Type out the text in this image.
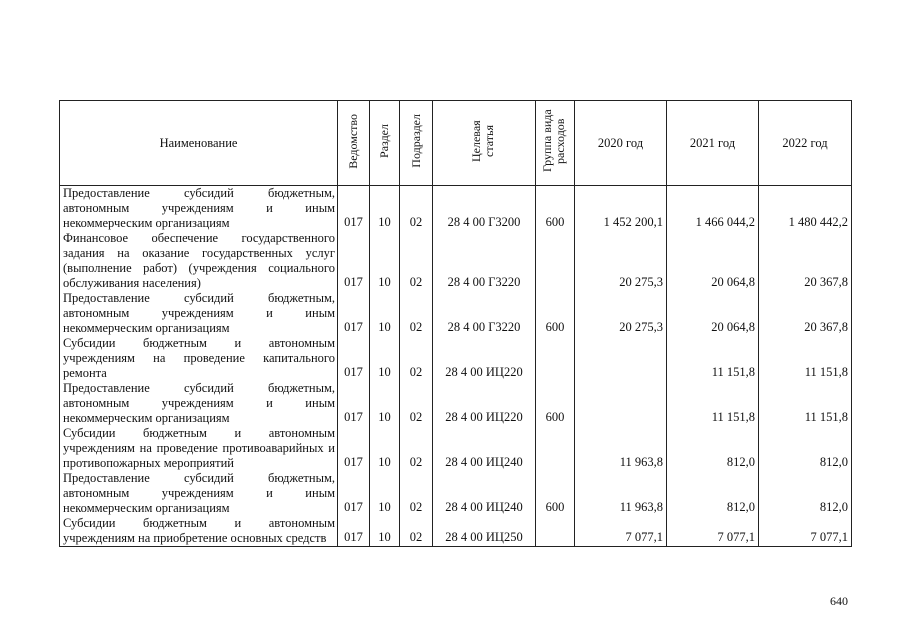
Наименование	Ведомство	Раздел	Подраздел	Целевая статья	Группа вида расходов	2020 год	2021 год	2022 год
Предоставление субсидий бюджетным, автономным учреждениям и иным некоммерческим организациям	017	10	02	28 4 00 Г3200	600	1 452 200,1	1 466 044,2	1 480 442,2
Финансовое обеспечение государственного задания на оказание государственных услуг (выполнение работ) (учреждения социального обслуживания населения)	017	10	02	28 4 00 Г3220		20 275,3	20 064,8	20 367,8
Предоставление субсидий бюджетным, автономным учреждениям и иным некоммерческим организациям	017	10	02	28 4 00 Г3220	600	20 275,3	20 064,8	20 367,8
Субсидии бюджетным и автономным учреждениям на проведение капитального ремонта	017	10	02	28 4 00 ИЦ220			11 151,8	11 151,8
Предоставление субсидий бюджетным, автономным учреждениям и иным некоммерческим организациям	017	10	02	28 4 00 ИЦ220	600		11 151,8	11 151,8
Субсидии бюджетным и автономным учреждениям на проведение противоаварийных и противопожарных мероприятий	017	10	02	28 4 00 ИЦ240		11 963,8	812,0	812,0
Предоставление субсидий бюджетным, автономным учреждениям и иным некоммерческим организациям	017	10	02	28 4 00 ИЦ240	600	11 963,8	812,0	812,0
Субсидии бюджетным и автономным учреждениям на приобретение основных средств	017	10	02	28 4 00 ИЦ250		7 077,1	7 077,1	7 077,1
640
